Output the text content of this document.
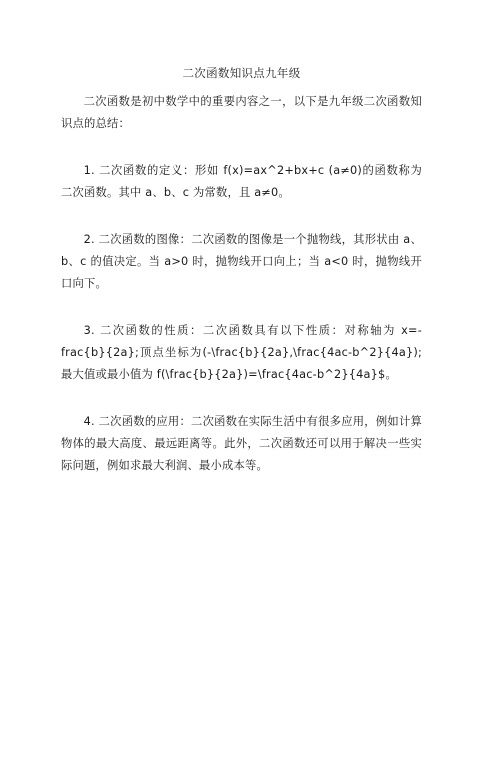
二次函数知识点九年级

二次函数是初中数学中的重要内容之一，以下是九年级二次函数知识点的总结：

1. 二次函数的定义：形如 f(x)=ax^2+bx+c (a≠0)的函数称为二次函数。其中 a、b、c 为常数，且 a≠0。

2. 二次函数的图像：二次函数的图像是一个抛物线，其形状由 a、b、c 的值决定。当 a>0 时，抛物线开口向上；当 a<0 时，抛物线开口向下。

3. 二次函数的性质：二次函数具有以下性质：对称轴为 x=-frac{b}{2a};顶点坐标为(-\frac{b}{2a},\frac{4ac-b^2}{4a});最大值或最小值为 f(\frac{b}{2a})=\frac{4ac-b^2}{4a}$。

4. 二次函数的应用：二次函数在实际生活中有很多应用，例如计算物体的最大高度、最远距离等。此外，二次函数还可以用于解决一些实际问题，例如求最大利润、最小成本等。
